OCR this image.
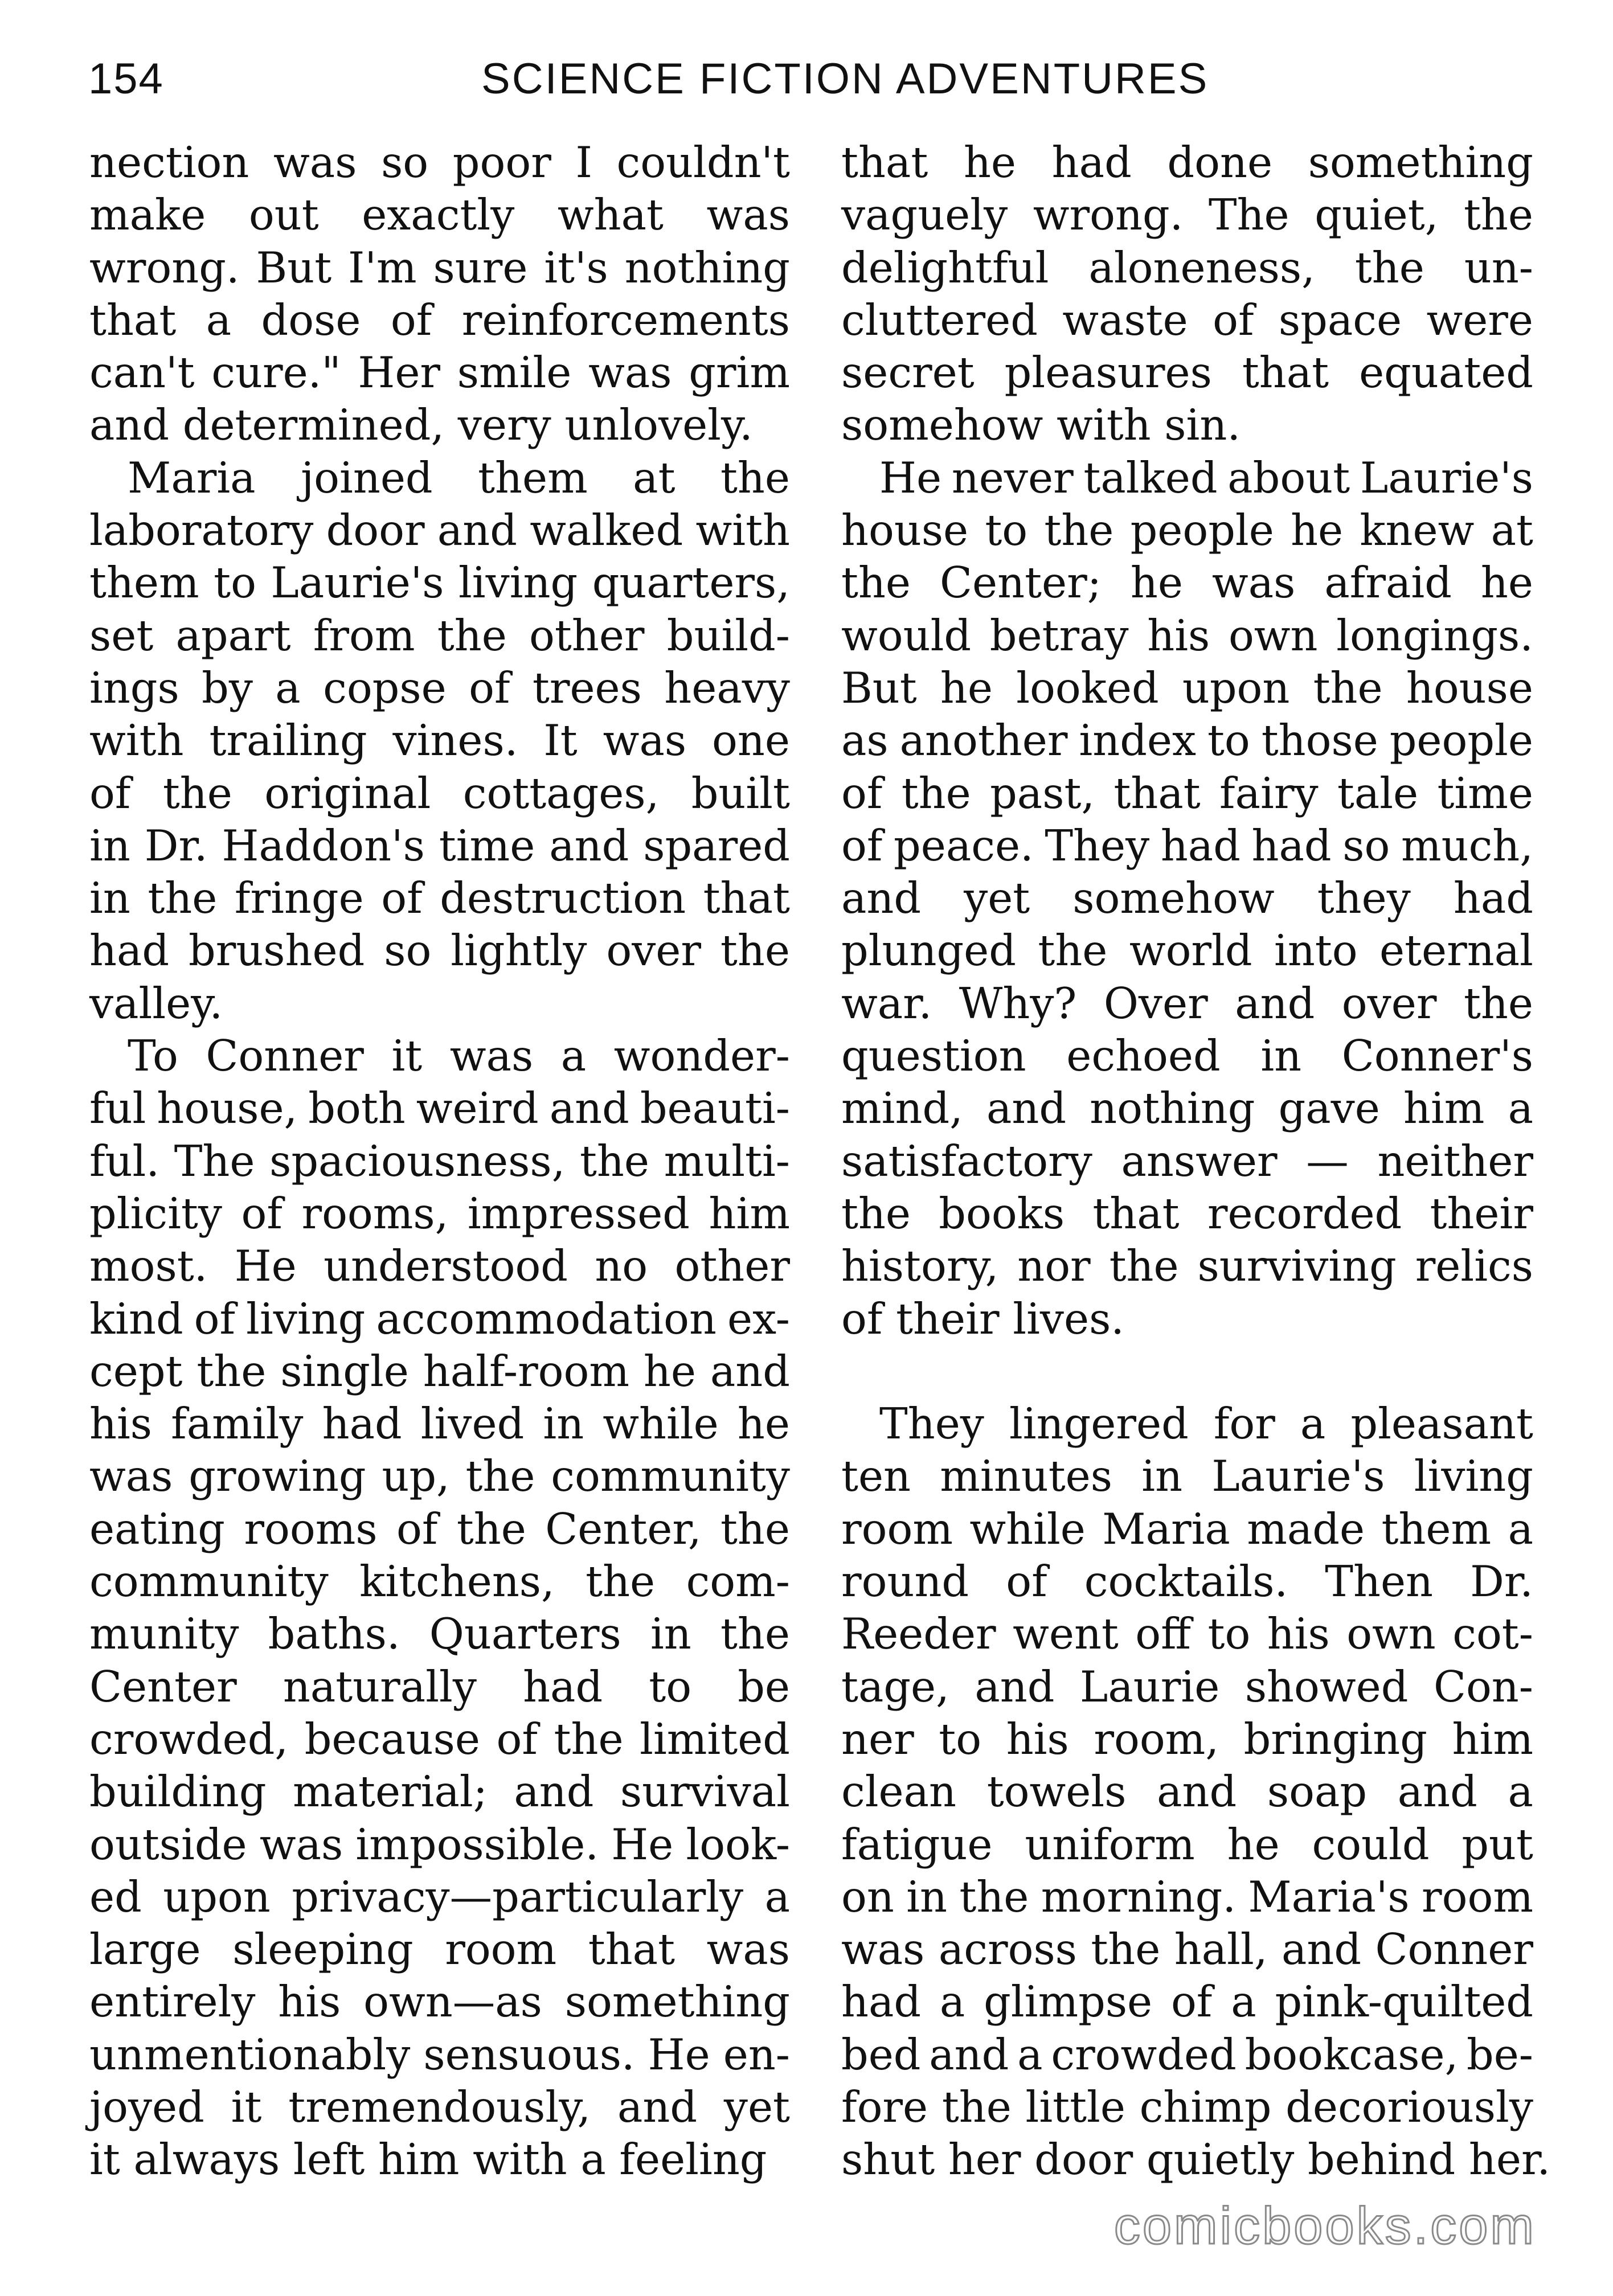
154	SCIENCE FICTION ADVENTURES
nection was so poor I couldn't
make out exactly what was
wrong. But I'm sure it's nothing
that a dose of reinforcements
can't cure." Her smile was grim
and determined, very unlovely.
Maria joined them at the
laboratory door and walked with
them to Laurie's living quarters,
set apart from the other build-
ings by a copse of trees heavy
with trailing vines. It was one
of the original cottages, built
in Dr. Haddon's time and spared
in the fringe of destruction that
had brushed so lightly over the
valley.
To Conner it was a wonder-
ful house, both weird and beauti-
ful. The spaciousness, the multi-
plicity of rooms, impressed him
most. He understood no other
kind of living accommodation ex-
cept the single half-room he and
his family had lived in while he
was growing up, the community
eating rooms of the Center, the
community kitchens, the com-
munity baths. Quarters in the
Center naturally had to be
crowded, because of the limited
building material; and survival
outside was impossible. He look-
ed upon privacy—particularly a
large sleeping room that was
entirely his own—as something
unmentionably sensuous. He en-
joyed it tremendously, and yet
it always left him with a feeling
that he had done something
vaguely wrong. The quiet, the
delightful aloneness, the un-
cluttered waste of space were
secret pleasures that equated
somehow with sin.
He never talked about Laurie's
house to the people he knew at
the Center; he was afraid he
would betray his own longings.
But he looked upon the house
as another index to those people
of the past, that fairy tale time
of peace. They had had so much,
and yet somehow they had
plunged the world into eternal
war. Why? Over and over the
question echoed in Conner's
mind, and nothing gave him a
satisfactory answer — neither
the books that recorded their
history, nor the surviving relics
of their lives.
They lingered for a pleasant
ten minutes in Laurie's living
room while Maria made them a
round of cocktails. Then Dr.
Reeder went off to his own cot-
tage, and Laurie showed Con-
ner to his room, bringing him
clean towels and soap and a
fatigue uniform he could put
on in the morning. Maria's room
was across the hall, and Conner
had a glimpse of a pink-quilted
bed and a crowded bookcase, be-
fore the little chimp decoriously
shut her door quietly behind her.
comicbooks.com
